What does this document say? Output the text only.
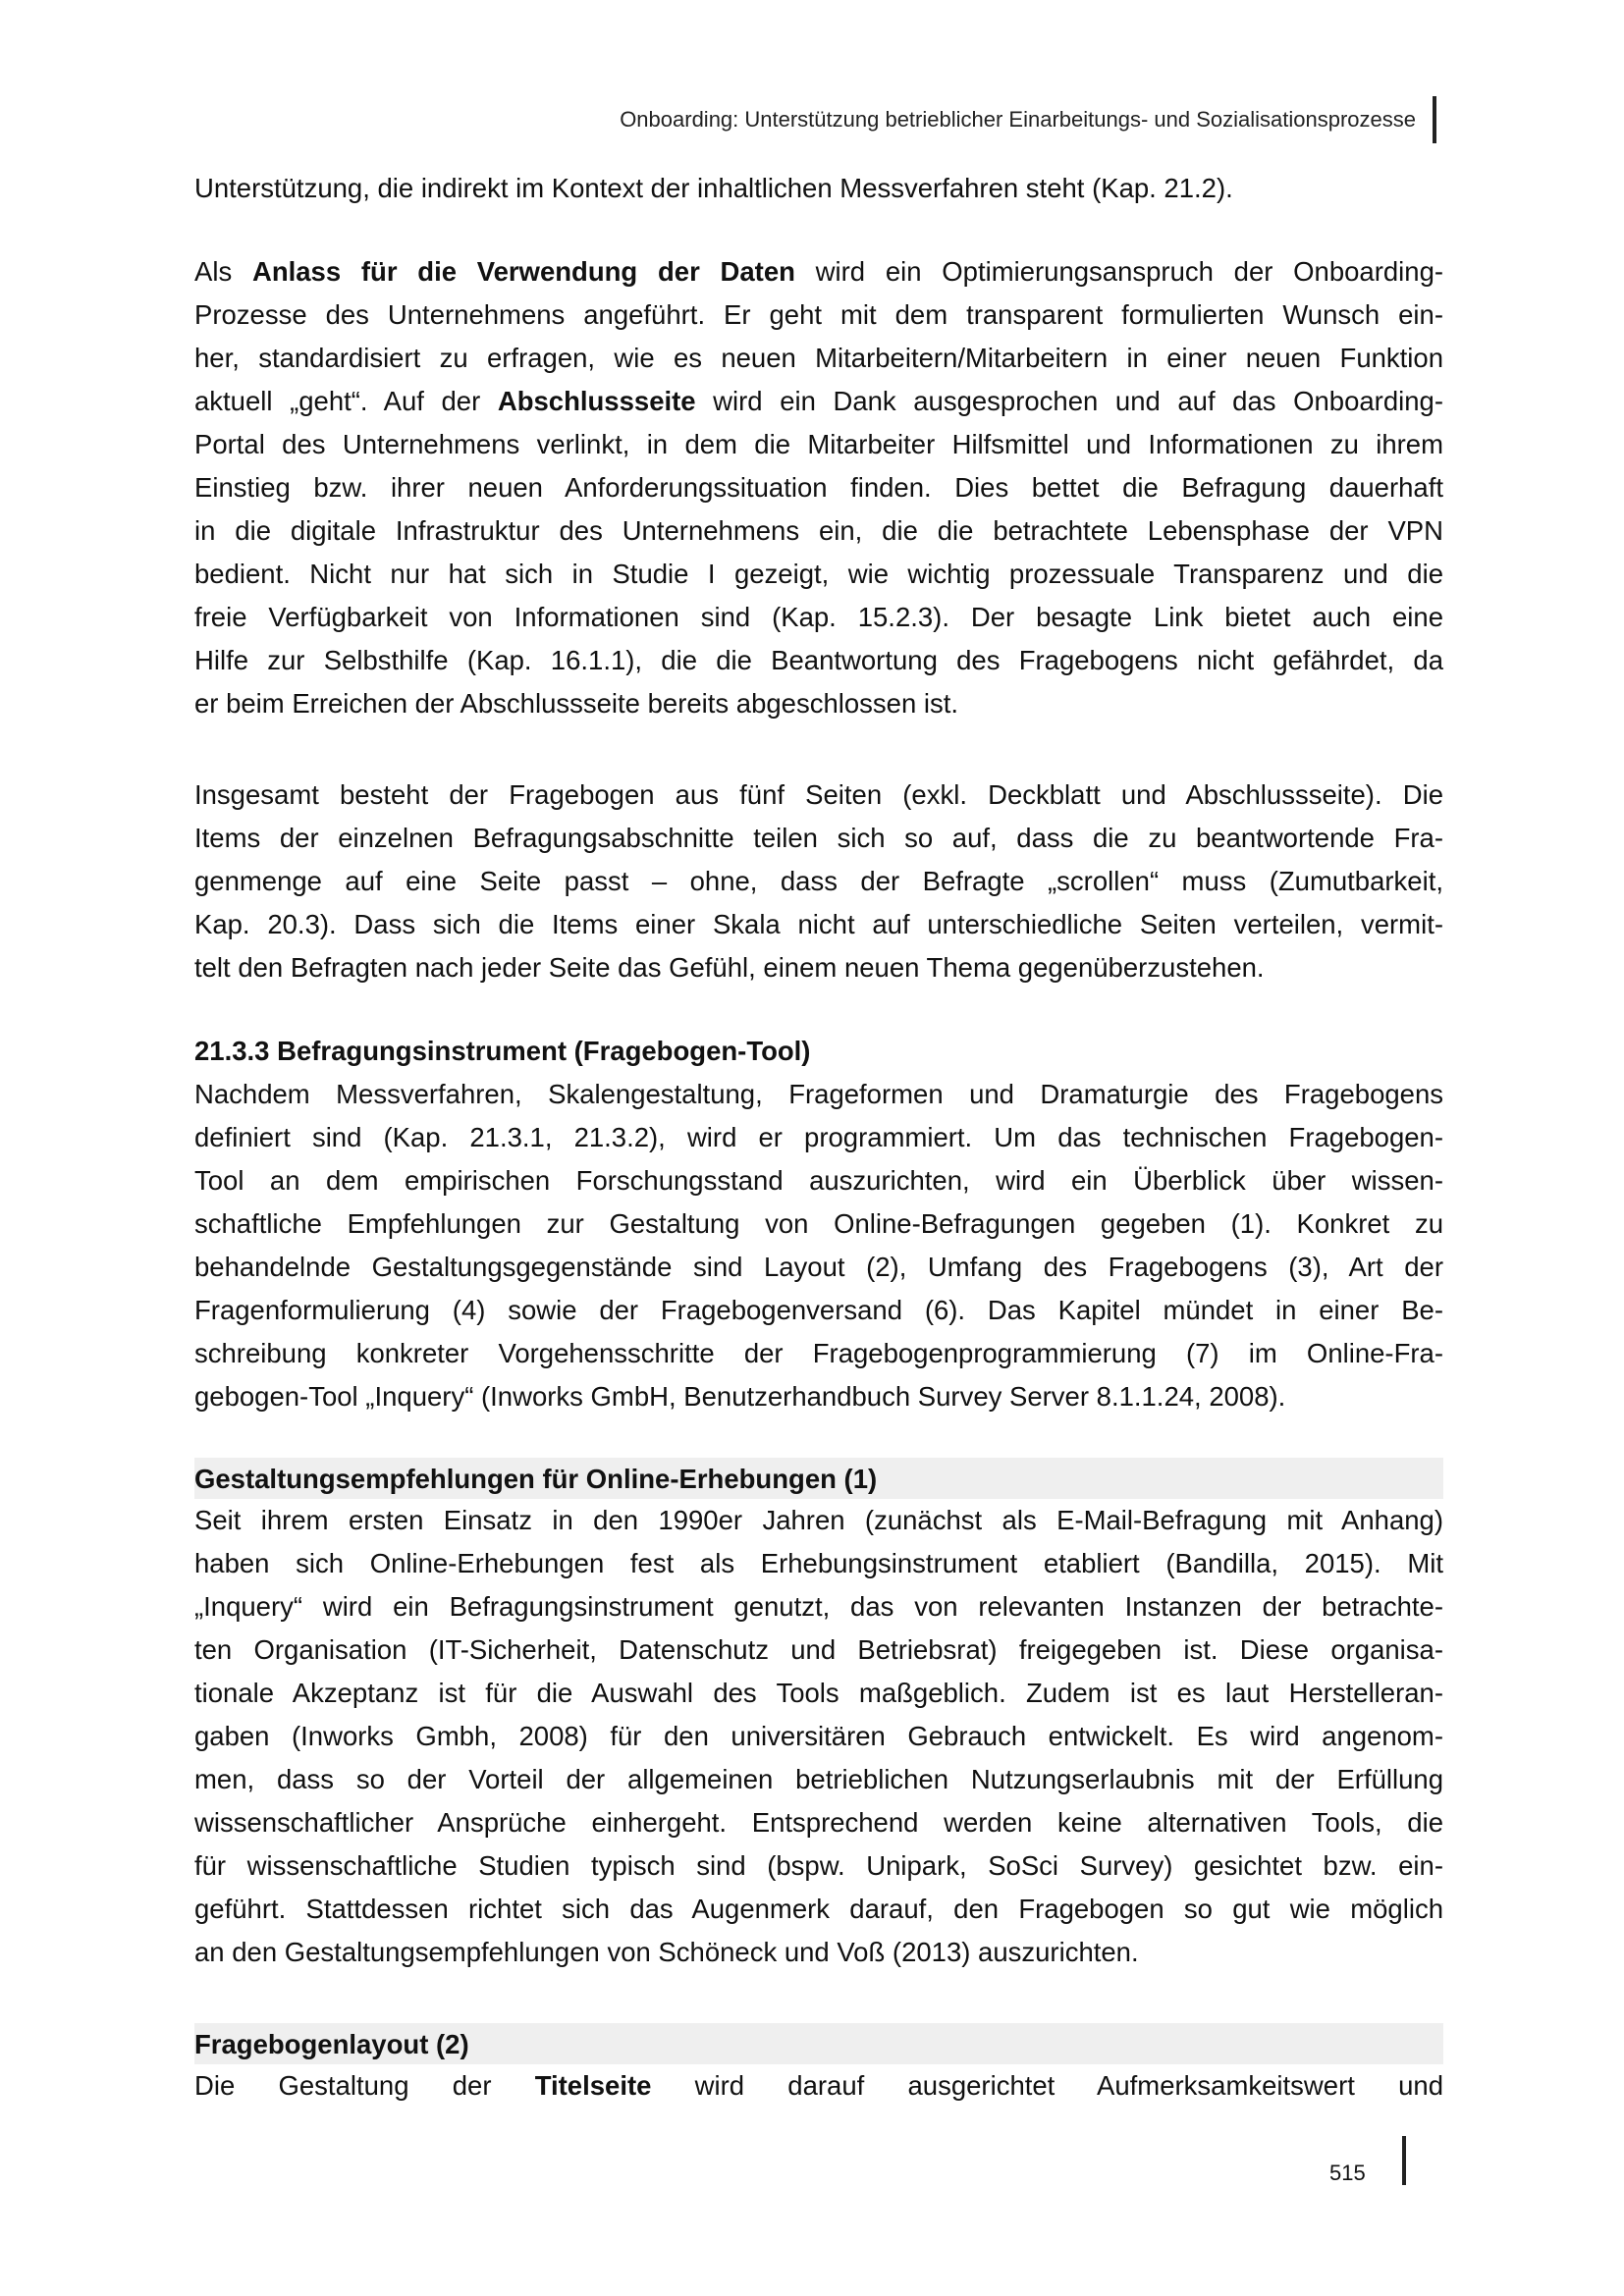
Onboarding: Unterstützung betrieblicher Einarbeitungs- und Sozialisationsprozesse
Unterstützung, die indirekt im Kontext der inhaltlichen Messverfahren steht (Kap. 21.2).
Als Anlass für die Verwendung der Daten wird ein Optimierungsanspruch der Onboarding-
Prozesse des Unternehmens angeführt. Er geht mit dem transparent formulierten Wunsch ein-
her, standardisiert zu erfragen, wie es neuen Mitarbeitern/Mitarbeitern in einer neuen Funktion
aktuell „geht“. Auf der Abschlussseite wird ein Dank ausgesprochen und auf das Onboarding-
Portal des Unternehmens verlinkt, in dem die Mitarbeiter Hilfsmittel und Informationen zu ihrem
Einstieg bzw. ihrer neuen Anforderungssituation finden. Dies bettet die Befragung dauerhaft
in die digitale Infrastruktur des Unternehmens ein, die die betrachtete Lebensphase der VPN
bedient. Nicht nur hat sich in Studie I gezeigt, wie wichtig prozessuale Transparenz und die
freie Verfügbarkeit von Informationen sind (Kap. 15.2.3). Der besagte Link bietet auch eine
Hilfe zur Selbsthilfe (Kap. 16.1.1), die die Beantwortung des Fragebogens nicht gefährdet, da
er beim Erreichen der Abschlussseite bereits abgeschlossen ist.
Insgesamt besteht der Fragebogen aus fünf Seiten (exkl. Deckblatt und Abschlussseite). Die
Items der einzelnen Befragungsabschnitte teilen sich so auf, dass die zu beantwortende Fra-
genmenge auf eine Seite passt – ohne, dass der Befragte „scrollen“ muss (Zumutbarkeit,
Kap. 20.3). Dass sich die Items einer Skala nicht auf unterschiedliche Seiten verteilen, vermit-
telt den Befragten nach jeder Seite das Gefühl, einem neuen Thema gegenüberzustehen.
21.3.3 Befragungsinstrument (Fragebogen-Tool)
Nachdem Messverfahren, Skalengestaltung, Frageformen und Dramaturgie des Fragebogens
definiert sind (Kap. 21.3.1, 21.3.2), wird er programmiert. Um das technischen Fragebogen-
Tool an dem empirischen Forschungsstand auszurichten, wird ein Überblick über wissen-
schaftliche Empfehlungen zur Gestaltung von Online-Befragungen gegeben (1). Konkret zu
behandelnde Gestaltungsgegenstände sind Layout (2), Umfang des Fragebogens (3), Art der
Fragenformulierung (4) sowie der Fragebogenversand (6). Das Kapitel mündet in einer Be-
schreibung konkreter Vorgehensschritte der Fragebogenprogrammierung (7) im Online-Fra-
gebogen-Tool „Inquery“ (Inworks GmbH, Benutzerhandbuch Survey Server 8.1.1.24, 2008).
Gestaltungsempfehlungen für Online-Erhebungen (1)
Seit ihrem ersten Einsatz in den 1990er Jahren (zunächst als E-Mail-Befragung mit Anhang)
haben sich Online-Erhebungen fest als Erhebungsinstrument etabliert (Bandilla, 2015). Mit
„Inquery“ wird ein Befragungsinstrument genutzt, das von relevanten Instanzen der betrachte-
ten Organisation (IT-Sicherheit, Datenschutz und Betriebsrat) freigegeben ist. Diese organisa-
tionale Akzeptanz ist für die Auswahl des Tools maßgeblich. Zudem ist es laut Herstelleran-
gaben (Inworks Gmbh, 2008) für den universitären Gebrauch entwickelt. Es wird angenom-
men, dass so der Vorteil der allgemeinen betrieblichen Nutzungserlaubnis mit der Erfüllung
wissenschaftlicher Ansprüche einhergeht. Entsprechend werden keine alternativen Tools, die
für wissenschaftliche Studien typisch sind (bspw. Unipark, SoSci Survey) gesichtet bzw. ein-
geführt. Stattdessen richtet sich das Augenmerk darauf, den Fragebogen so gut wie möglich
an den Gestaltungsempfehlungen von Schöneck und Voß (2013) auszurichten.
Fragebogenlayout (2)
Die Gestaltung der Titelseite wird darauf ausgerichtet Aufmerksamkeitswert und
515
